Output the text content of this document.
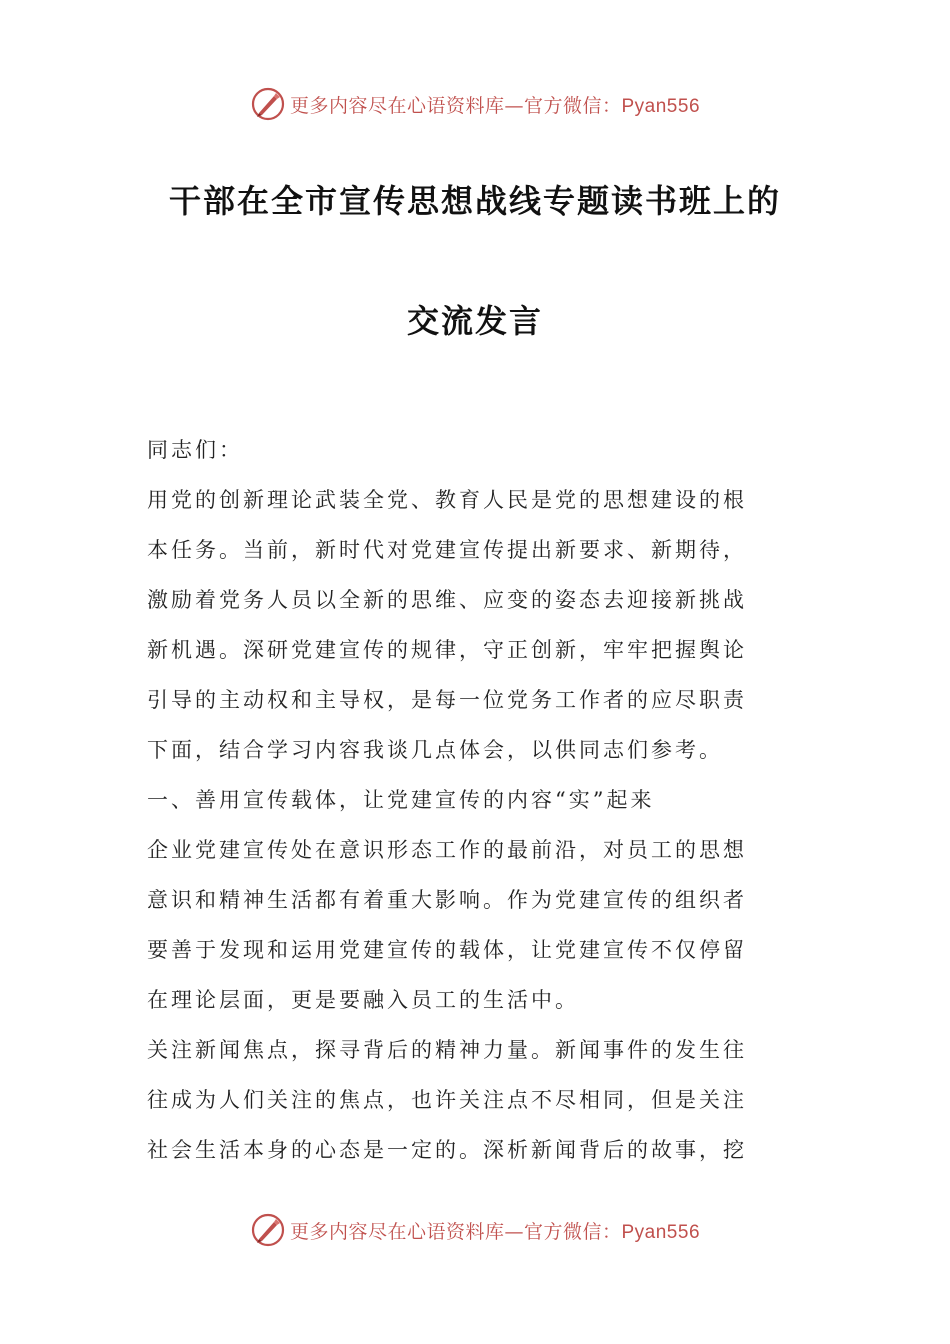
更多内容尽在心语资料库—官方微信：Pyan556
干部在全市宣传思想战线专题读书班上的
交流发言
同志们：
用党的创新理论武装全党、教育人民是党的思想建设的根
本任务。当前，新时代对党建宣传提出新要求、新期待，
激励着党务人员以全新的思维、应变的姿态去迎接新挑战
新机遇。深研党建宣传的规律，守正创新，牢牢把握舆论
引导的主动权和主导权，是每一位党务工作者的应尽职责
下面，结合学习内容我谈几点体会，以供同志们参考。
一、善用宣传载体，让党建宣传的内容“实”起来
企业党建宣传处在意识形态工作的最前沿，对员工的思想
意识和精神生活都有着重大影响。作为党建宣传的组织者
要善于发现和运用党建宣传的载体，让党建宣传不仅停留
在理论层面，更是要融入员工的生活中。
关注新闻焦点，探寻背后的精神力量。新闻事件的发生往
往成为人们关注的焦点，也许关注点不尽相同，但是关注
社会生活本身的心态是一定的。深析新闻背后的故事，挖
更多内容尽在心语资料库—官方微信：Pyan556
